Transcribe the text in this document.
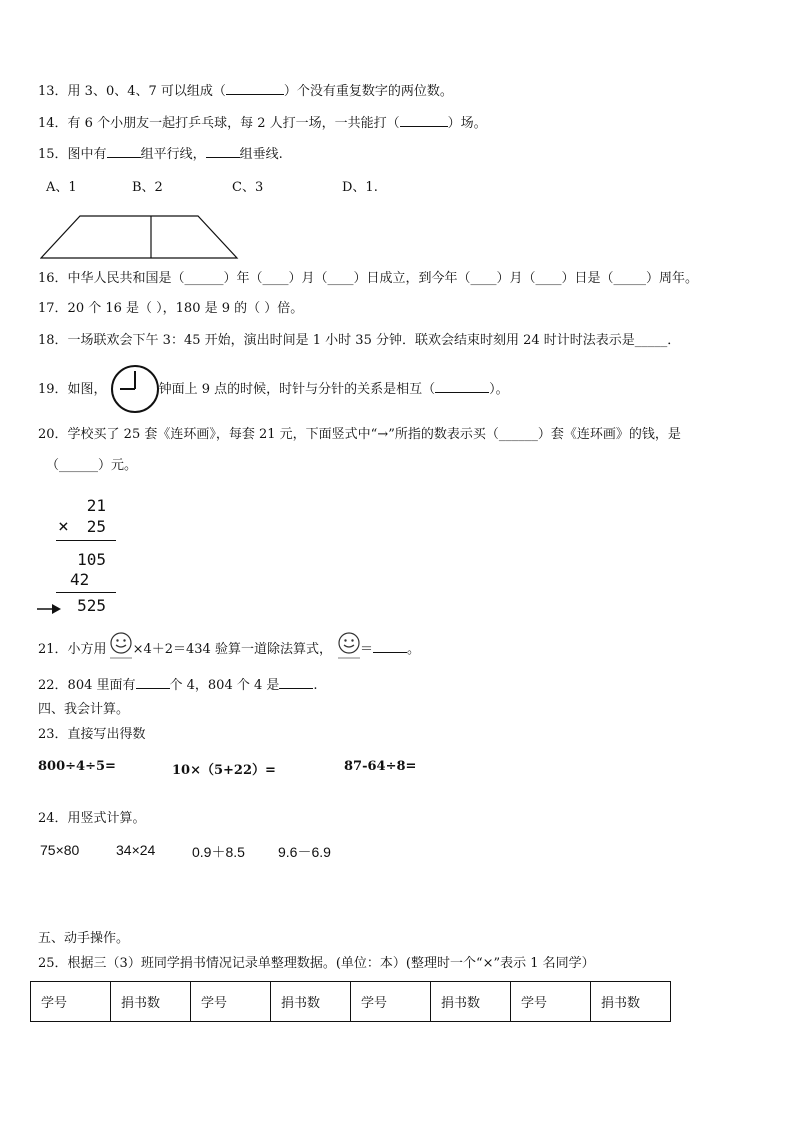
13．用 3、0、4、7 可以组成（	）个没有重复数字的两位数。
14．有 6 个小朋友一起打乒乓球，每 2 人打一场，一共能打（	）场。
15．图中有	组平行线，	组垂线.
A、1	B、2	C、3	D、1.
16．中华人民共和国是（______）年（____）月（____）日成立，到今年（____）月（____）日是（_____）周年。
17．20 个 16 是（ ），180 是 9 的（ ）倍。
18．一场联欢会下午 3：45 开始，演出时间是 1 小时 35 分钟．联欢会结束时刻用 24 时计时法表示是_____．
19．如图，	钟面上 9 点的时候，时针与分针的关系是相互（	）。
20．学校买了 25 套《连环画》，每套 21 元，下面竖式中“→”所指的数表示买（______）套《连环画》的钱，是
（______）元。
21
× 25
105
42
525
21．小方用 ×4＋2＝434 验算一道除法算式， ＝	。
22．804 里面有	个 4，804 个 4 是	.
四、我会计算。
23．直接写出得数
800÷4÷5=	10×（5+22）=	87-64÷8=
24．用竖式计算。
75×80	34×24	0.9＋8.5 9.6－6.9
五、动手操作。
25．根据三（3）班同学捐书情况记录单整理数据。(单位：本）(整理时一个“×”表示 1 名同学）
学号	捐书数	学号	捐书数	学号	捐书数	学号	捐书数
